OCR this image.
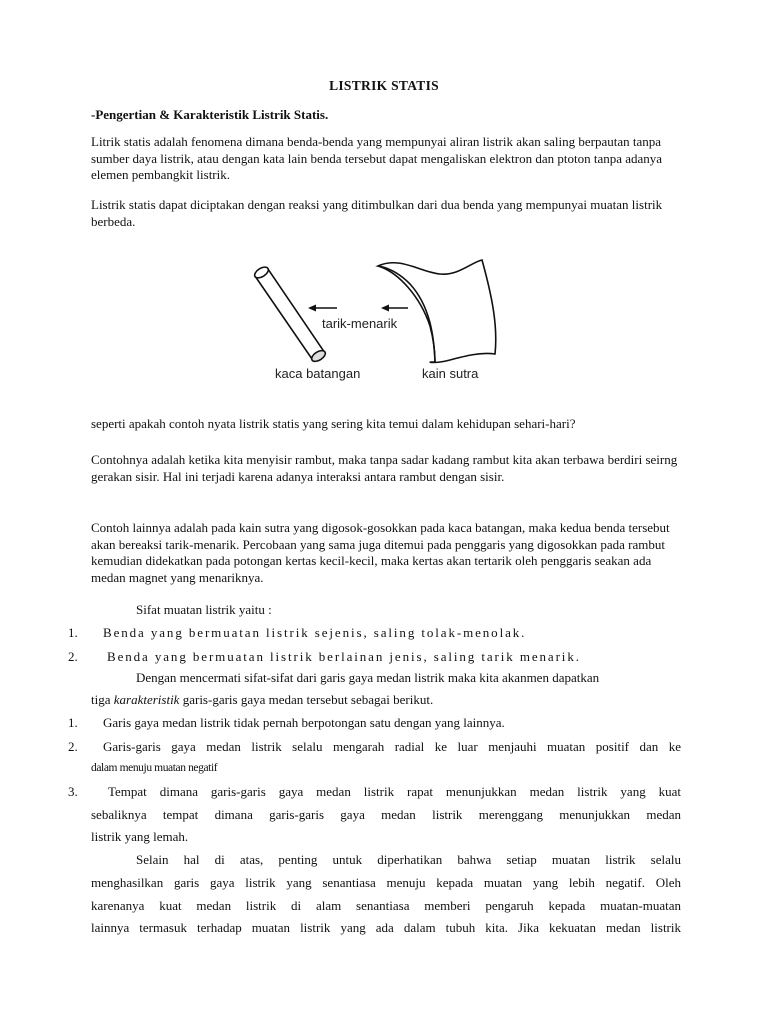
LISTRIK STATIS
-Pengertian & Karakteristik Listrik Statis.
Litrik statis adalah fenomena dimana benda-benda yang mempunyai aliran listrik akan saling berpautan tanpa sumber daya listrik, atau dengan kata lain benda tersebut dapat mengaliskan elektron dan ptoton tanpa adanya elemen pembangkit listrik.
Listrik statis dapat diciptakan dengan reaksi yang ditimbulkan dari dua benda yang mempunyai muatan listrik berbeda.
tarik-menarik
kaca batangan	kain sutra
seperti apakah contoh nyata listrik statis yang sering kita temui dalam kehidupan sehari-hari?
Contohnya adalah ketika kita menyisir rambut, maka tanpa sadar kadang rambut kita akan terbawa berdiri seirng gerakan sisir. Hal ini terjadi karena adanya interaksi antara rambut dengan sisir.
Contoh lainnya adalah pada kain sutra yang digosok-gosokkan pada kaca batangan, maka kedua benda tersebut akan bereaksi tarik-menarik. Percobaan yang sama juga ditemui pada penggaris yang digosokkan pada rambut kemudian didekatkan pada potongan kertas kecil-kecil, maka kertas akan tertarik oleh penggaris seakan ada medan magnet yang menariknya.
Sifat muatan listrik yaitu :
1. Benda yang bermuatan listrik sejenis, saling tolak-menolak.
2. Benda yang bermuatan listrik berlainan jenis, saling tarik menarik.
Dengan mencermati sifat-sifat dari garis gaya medan listrik maka kita akanmen dapatkan
tiga karakteristik garis-garis gaya medan tersebut sebagai berikut.
1. Garis gaya medan listrik tidak pernah berpotongan satu dengan yang lainnya.
2. Garis-garis gaya medan listrik selalu mengarah radial ke luar menjauhi muatan positif dan ke
dalam menuju muatan negatif
3. Tempat dimana garis-garis gaya medan listrik rapat menunjukkan medan listrik yang kuat
sebaliknya tempat dimana garis-garis gaya medan listrik merenggang menunjukkan medan
listrik yang lemah.
Selain hal di atas, penting untuk diperhatikan bahwa setiap muatan listrik selalu
menghasilkan garis gaya listrik yang senantiasa menuju kepada muatan yang lebih negatif. Oleh
karenanya kuat medan listrik di alam senantiasa memberi pengaruh kepada muatan-muatan
lainnya termasuk terhadap muatan listrik yang ada dalam tubuh kita. Jika kekuatan medan listrik
